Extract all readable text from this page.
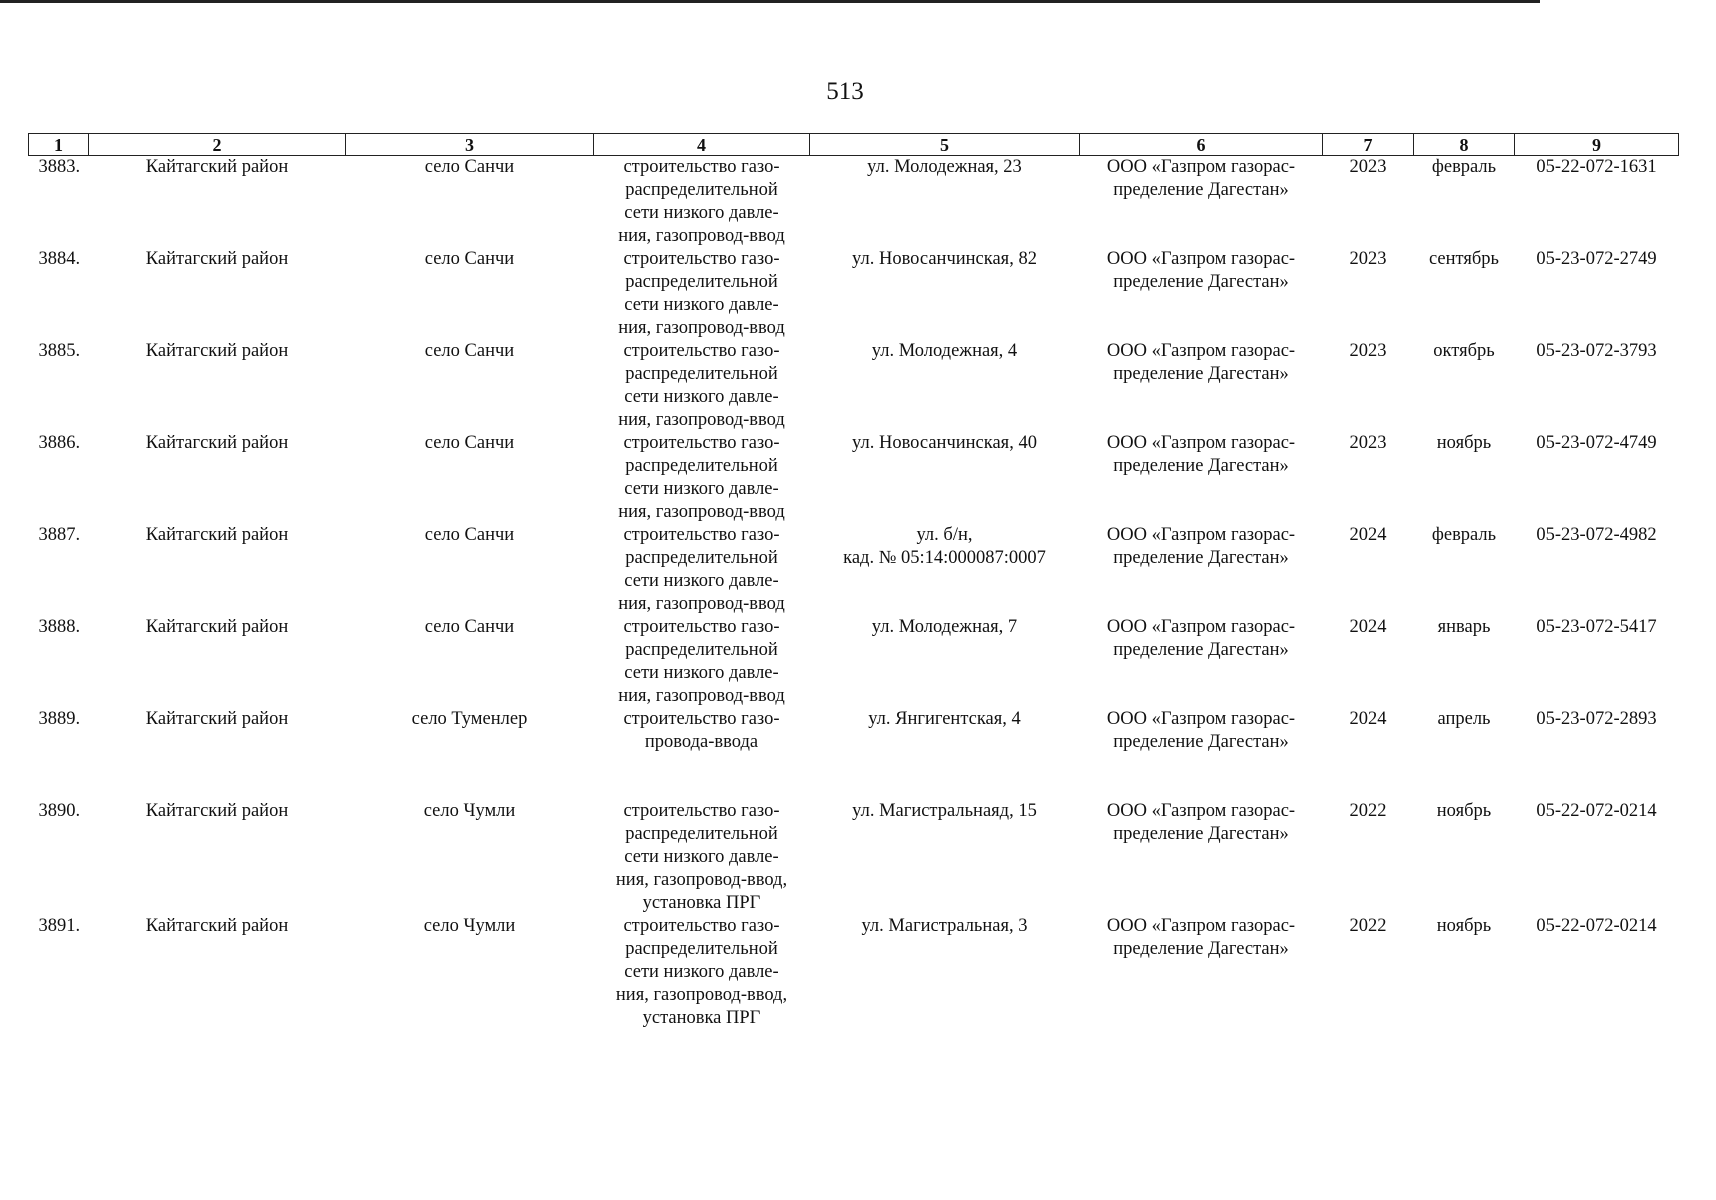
513
1	2	3	4	5	6	7	8	9
3883.	Кайтагский район	село Санчи	строительство газо-
распределительной
сети низкого давле-
ния, газопровод-ввод	ул. Молодежная, 23	ООО «Газпром газорас-
пределение Дагестан»	2023	февраль	05-22-072-1631
3884.	Кайтагский район	село Санчи	строительство газо-
распределительной
сети низкого давле-
ния, газопровод-ввод	ул. Новосанчинская, 82	ООО «Газпром газорас-
пределение Дагестан»	2023	сентябрь	05-23-072-2749
3885.	Кайтагский район	село Санчи	строительство газо-
распределительной
сети низкого давле-
ния, газопровод-ввод	ул. Молодежная, 4	ООО «Газпром газорас-
пределение Дагестан»	2023	октябрь	05-23-072-3793
3886.	Кайтагский район	село Санчи	строительство газо-
распределительной
сети низкого давле-
ния, газопровод-ввод	ул. Новосанчинская, 40	ООО «Газпром газорас-
пределение Дагестан»	2023	ноябрь	05-23-072-4749
3887.	Кайтагский район	село Санчи	строительство газо-
распределительной
сети низкого давле-
ния, газопровод-ввод	ул. б/н,
кад. № 05:14:000087:0007	ООО «Газпром газорас-
пределение Дагестан»	2024	февраль	05-23-072-4982
3888.	Кайтагский район	село Санчи	строительство газо-
распределительной
сети низкого давле-
ния, газопровод-ввод	ул. Молодежная, 7	ООО «Газпром газорас-
пределение Дагестан»	2024	январь	05-23-072-5417
3889.	Кайтагский район	село Туменлер	строительство газо-
провода-ввода	ул. Янгигентская, 4	ООО «Газпром газорас-
пределение Дагестан»	2024	апрель	05-23-072-2893
3890.	Кайтагский район	село Чумли	строительство газо-
распределительной
сети низкого давле-
ния, газопровод-ввод,
установка ПРГ	ул. Магистральнаяд, 15	ООО «Газпром газорас-
пределение Дагестан»	2022	ноябрь	05-22-072-0214
3891.	Кайтагский район	село Чумли	строительство газо-
распределительной
сети низкого давле-
ния, газопровод-ввод,
установка ПРГ	ул. Магистральная, 3	ООО «Газпром газорас-
пределение Дагестан»	2022	ноябрь	05-22-072-0214
